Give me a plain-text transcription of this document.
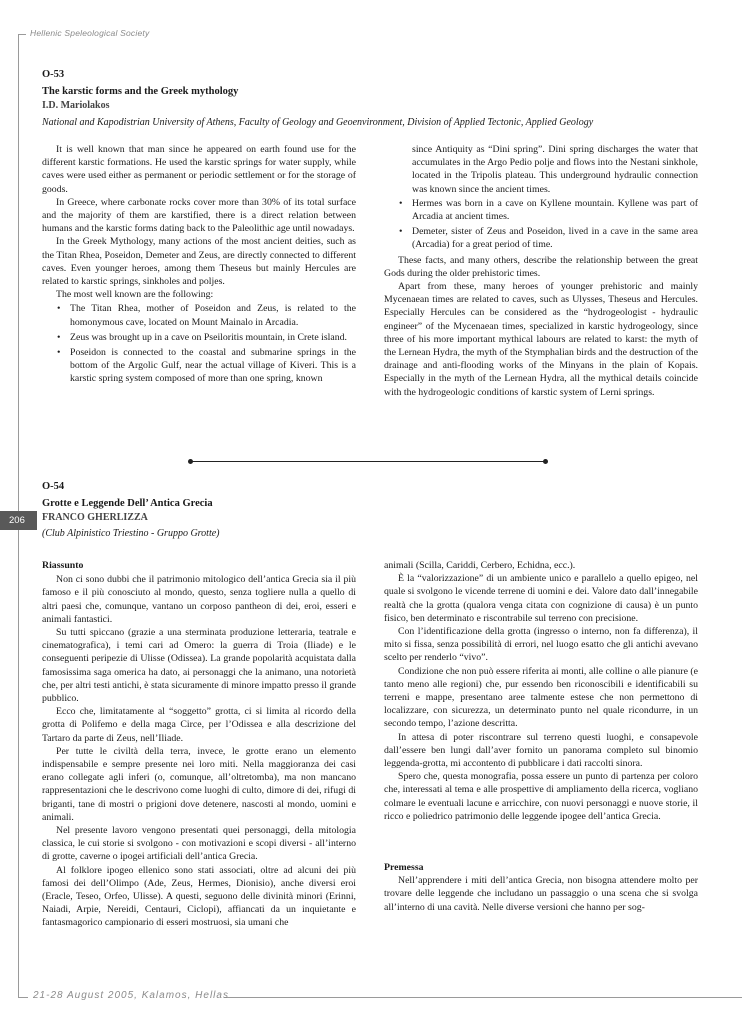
Hellenic Speleological Society
21-28 August 2005, Kalamos, Hellas
206
O-53
The karstic forms and the Greek mythology
I.D. Mariolakos
National and Kapodistrian University of Athens, Faculty of Geology and Geoenvironment, Division of Applied Tectonic, Applied Geology

It is well known that man since he appeared on earth found use for the different karstic formations. He used the karstic springs for water supply, while caves were used either as permanent or periodic settlement or for the storage of goods.

In Greece, where carbonate rocks cover more than 30% of its total surface and the majority of them are karstified, there is a direct relation between humans and the karstic forms dating back to the Paleolithic age until nowadays.

In the Greek Mythology, many actions of the most ancient deities, such as the Titan Rhea, Poseidon, Demeter and Zeus, are directly connected to different caves. Even younger heroes, among them Theseus but mainly Hercules are related to karstic springs, sinkholes and poljes.

The most well known are the following:

• The Titan Rhea, mother of Poseidon and Zeus, is related to the homonymous cave, located on Mount Mainalo in Arcadia.
• Zeus was brought up in a cave on Pseiloritis mountain, in Crete island.
• Poseidon is connected to the coastal and submarine springs in the bottom of the Argolic Gulf, near the actual village of Kiveri. This is a karstic spring system composed of more than one spring, known

since Antiquity as “Dini spring”. Dini spring discharges the water that accumulates in the Argo Pedio polje and flows into the Nestani sinkhole, located in the Tripolis plateau. This underground hydraulic connection was known since the ancient times.

• Hermes was born in a cave on Kyllene mountain. Kyllene was part of Arcadia at ancient times.
• Demeter, sister of Zeus and Poseidon, lived in a cave in the same area (Arcadia) for a great period of time.

These facts, and many others, describe the relationship between the great Gods during the older prehistoric times.

Apart from these, many heroes of younger prehistoric and mainly Mycenaean times are related to caves, such as Ulysses, Theseus and Hercules. Especially Hercules can be considered as the “hydrogeologist - hydraulic engineer” of the Mycenaean times, specialized in karstic hydrogeology, since three of his more important mythical labours are related to karst: the myth of the Lernean Hydra, the myth of the Stymphalian birds and the destruction of the drainage and anti-flooding works of the Minyans in the plain of Kopais. Especially in the myth of the Lernean Hydra, all the mythical details coincide with the hydrogeologic conditions of karstic system of Lerni springs.

O-54
Grotte e Leggende Dell’ Antica Grecia
FRANCO GHERLIZZA
(Club Alpinistico Triestino - Gruppo Grotte)

Riassunto

Non ci sono dubbi che il patrimonio mitologico dell’antica Grecia sia il più famoso e il più conosciuto al mondo, questo, senza togliere nulla a quello di altri paesi che, comunque, vantano un corposo pantheon di dei, eroi, esseri e animali fantastici.

Su tutti spiccano (grazie a una sterminata produzione letteraria, teatrale e cinematografica), i temi cari ad Omero: la guerra di Troia (Iliade) e le conseguenti peripezie di Ulisse (Odissea). La grande popolarità acquistata dalla famosissima saga omerica ha dato, ai personaggi che la animano, una notorietà che, per altri testi antichi, è stata sicuramente di minore impatto presso il grande pubblico.

Ecco che, limitatamente al “soggetto” grotta, ci si limita al ricordo della grotta di Polifemo e della maga Circe, per l’Odissea e alla descrizione del Tartaro da parte di Zeus, nell’Iliade.

Per tutte le civiltà della terra, invece, le grotte erano un elemento indispensabile e sempre presente nei loro miti. Nella maggioranza dei casi erano collegate agli inferi (o, comunque, all’oltretomba), ma non mancano rappresentazioni che le descrivono come luoghi di culto, dimore di dei, rifugi di briganti, tane di mostri o prigioni dove detenere, nascosti al mondo, uomini e animali.

Nel presente lavoro vengono presentati quei personaggi, della mitologia classica, le cui storie si svolgono - con motivazioni e scopi diversi - all’interno di grotte, caverne o ipogei artificiali dell’antica Grecia.

Al folklore ipogeo ellenico sono stati associati, oltre ad alcuni dei più famosi dei dell’Olimpo (Ade, Zeus, Hermes, Dionisio), anche diversi eroi (Eracle, Teseo, Orfeo, Ulisse). A questi, seguono delle divinità minori (Erinni, Naiadi, Arpie, Nereidi, Centauri, Ciclopi), affiancati da un inquietante e fantasmagorico campionario di esseri mostruosi, sia umani che

animali (Scilla, Cariddi, Cerbero, Echidna, ecc.).

È la “valorizzazione” di un ambiente unico e parallelo a quello epigeo, nel quale si svolgono le vicende terrene di uomini e dei. Valore dato dall’innegabile realtà che la grotta (qualora venga citata con cognizione di causa) è un punto fisico, ben determinato e riscontrabile sul terreno con precisione.

Con l’identificazione della grotta (ingresso o interno, non fa differenza), il mito si fissa, senza possibilità di errori, nel luogo esatto che gli antichi avevano scelto per renderlo “vivo”.

Condizione che non può essere riferita ai monti, alle colline o alle pianure (e tanto meno alle regioni) che, pur essendo ben riconoscibili e identificabili su terreni e mappe, presentano aree talmente estese che non permettono di localizzare, con sicurezza, un determinato punto nel quale ricondurre, in un secondo tempo, l’azione descritta.

In attesa di poter riscontrare sul terreno questi luoghi, e consapevole dall’essere ben lungi dall’aver fornito un panorama completo sul binomio leggenda-grotta, mi accontento di pubblicare i dati raccolti sinora.

Spero che, questa monografia, possa essere un punto di partenza per coloro che, interessati al tema e alle prospettive di ampliamento della ricerca, vogliano colmare le eventuali lacune e arricchire, con nuovi personaggi e nuove storie, il ricco e poliedrico patrimonio delle leggende ipogee dell’antica Grecia.

Premessa

Nell’apprendere i miti dell’antica Grecia, non bisogna attendere molto per trovare delle leggende che includano un passaggio o una scena che si svolga all’interno di una cavità. Nelle diverse versioni che hanno per sog-
